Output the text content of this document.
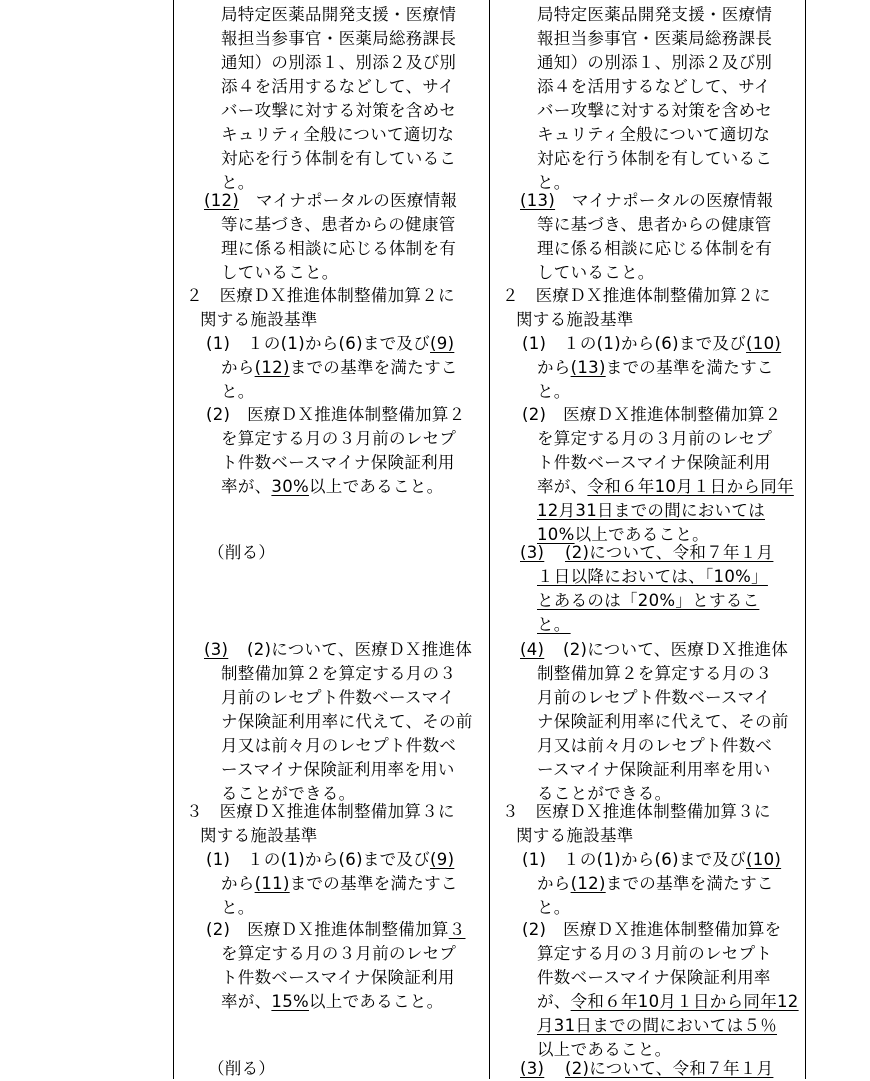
局特定医薬品開発支援・医療情
報担当参事官・医薬局総務課長
通知）の別添１、別添２及び別
添４を活用するなどして、サイ
バー攻撃に対する対策を含めセ
キュリティ全般について適切な
対応を行う体制を有しているこ
と。
(12) マイナポータルの医療情報
等に基づき、患者からの健康管
理に係る相談に応じる体制を有
していること。
２　医療ＤＸ推進体制整備加算２に
関する施設基準
(1)　１の(1)から(6)まで及び(9)
から(12)までの基準を満たすこ
と。
(2)　医療ＤＸ推進体制整備加算２
を算定する月の３月前のレセプ
ト件数ベースマイナ保険証利用
率が、30%以上であること。
（削る）
(3) (2)について、医療ＤＸ推進体
制整備加算２を算定する月の３
月前のレセプト件数ベースマイ
ナ保険証利用率に代えて、その前
月又は前々月のレセプト件数ベ
ースマイナ保険証利用率を用い
ることができる。
３　医療ＤＸ推進体制整備加算３に
関する施設基準
(1)　１の(1)から(6)まで及び(9)
から(11)までの基準を満たすこ
と。
(2)　医療ＤＸ推進体制整備加算３
を算定する月の３月前のレセプ
ト件数ベースマイナ保険証利用
率が、15%以上であること。
（削る）
局特定医薬品開発支援・医療情
報担当参事官・医薬局総務課長
通知）の別添１、別添２及び別
添４を活用するなどして、サイ
バー攻撃に対する対策を含めセ
キュリティ全般について適切な
対応を行う体制を有しているこ
と。
(13) マイナポータルの医療情報
等に基づき、患者からの健康管
理に係る相談に応じる体制を有
していること。
２　医療ＤＸ推進体制整備加算２に
関する施設基準
(1)　１の(1)から(6)まで及び(10)
から(13)までの基準を満たすこ
と。
(2)　医療ＤＸ推進体制整備加算２
を算定する月の３月前のレセプ
ト件数ベースマイナ保険証利用
率が、令和６年10月１日から同年
12月31日までの間においては
10%以上であること。
(3) (2)について、令和７年１月
１日以降においては、「10%」
とあるのは「20%」とするこ
と。
(4) (2)について、医療ＤＸ推進体
制整備加算２を算定する月の３
月前のレセプト件数ベースマイ
ナ保険証利用率に代えて、その前
月又は前々月のレセプト件数ベ
ースマイナ保険証利用率を用い
ることができる。
３　医療ＤＸ推進体制整備加算３に
関する施設基準
(1)　１の(1)から(6)まで及び(10)
から(12)までの基準を満たすこ
と。
(2)　医療ＤＸ推進体制整備加算を
算定する月の３月前のレセプト
件数ベースマイナ保険証利用率
が、令和６年10月１日から同年12
月31日までの間においては５％
以上であること。
(3) (2)について、令和７年１月
